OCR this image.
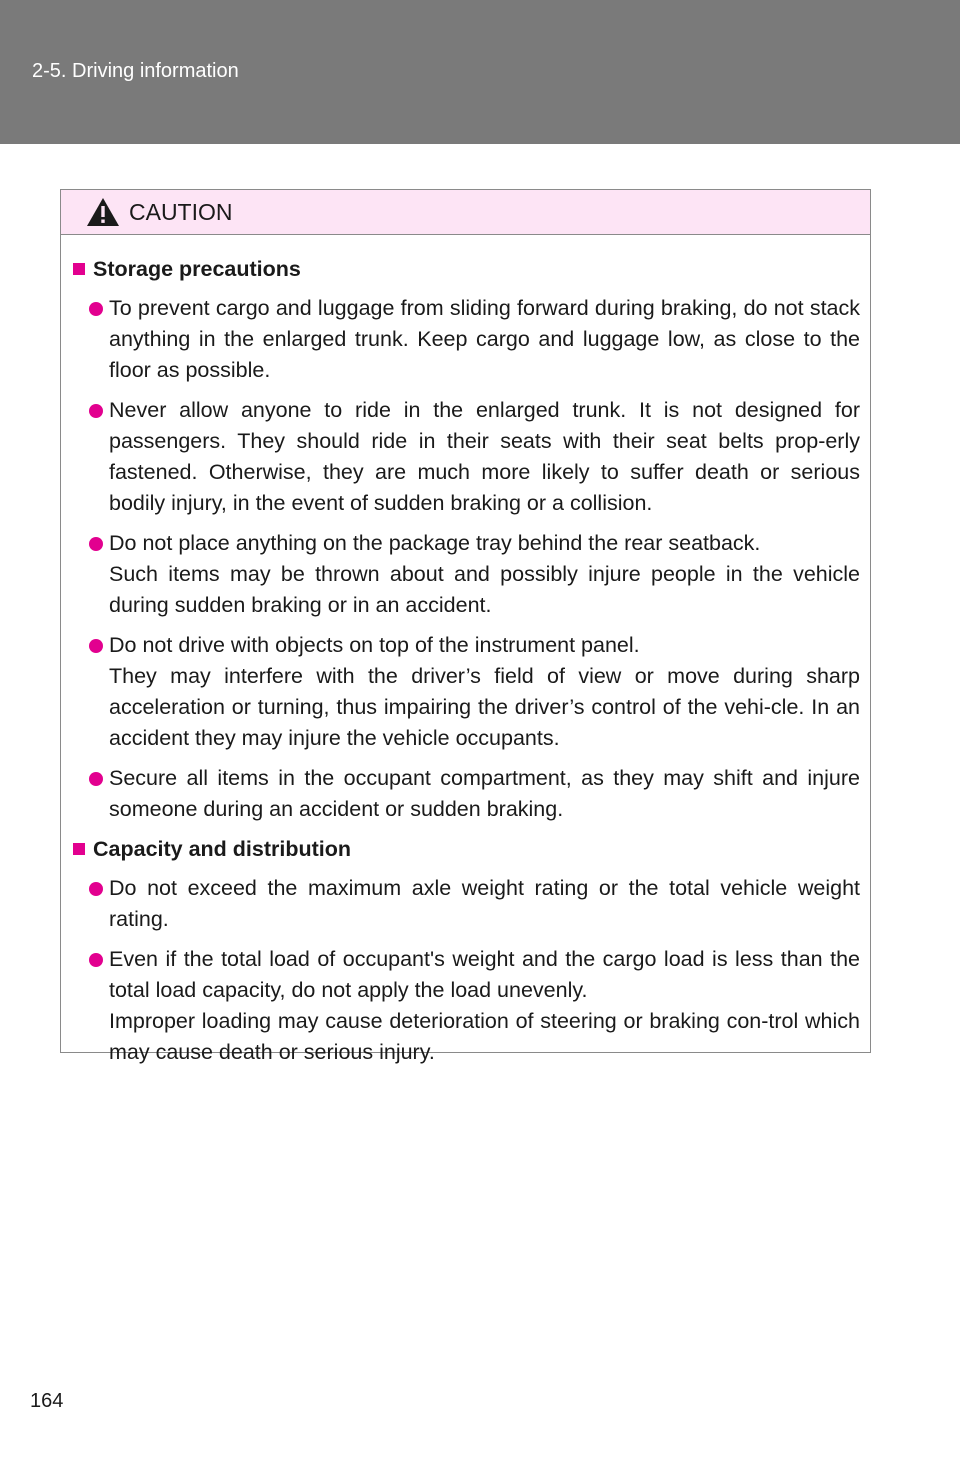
2-5. Driving information
CAUTION
Storage precautions

To prevent cargo and luggage from sliding forward during braking, do not stack anything in the enlarged trunk. Keep cargo and luggage low, as close to the floor as possible.

Never allow anyone to ride in the enlarged trunk. It is not designed for passengers. They should ride in their seats with their seat belts prop-erly fastened. Otherwise, they are much more likely to suffer death or serious bodily injury, in the event of sudden braking or a collision.

Do not place anything on the package tray behind the rear seatback.

Such items may be thrown about and possibly injure people in the vehicle during sudden braking or in an accident.

Do not drive with objects on top of the instrument panel.

They may interfere with the driver’s field of view or move during sharp acceleration or turning, thus impairing the driver’s control of the vehi-cle. In an accident they may injure the vehicle occupants.

Secure all items in the occupant compartment, as they may shift and injure someone during an accident or sudden braking.

Capacity and distribution

Do not exceed the maximum axle weight rating or the total vehicle weight rating.

Even if the total load of occupant's weight and the cargo load is less than the total load capacity, do not apply the load unevenly.

Improper loading may cause deterioration of steering or braking con-trol which may cause death or serious injury.

164
